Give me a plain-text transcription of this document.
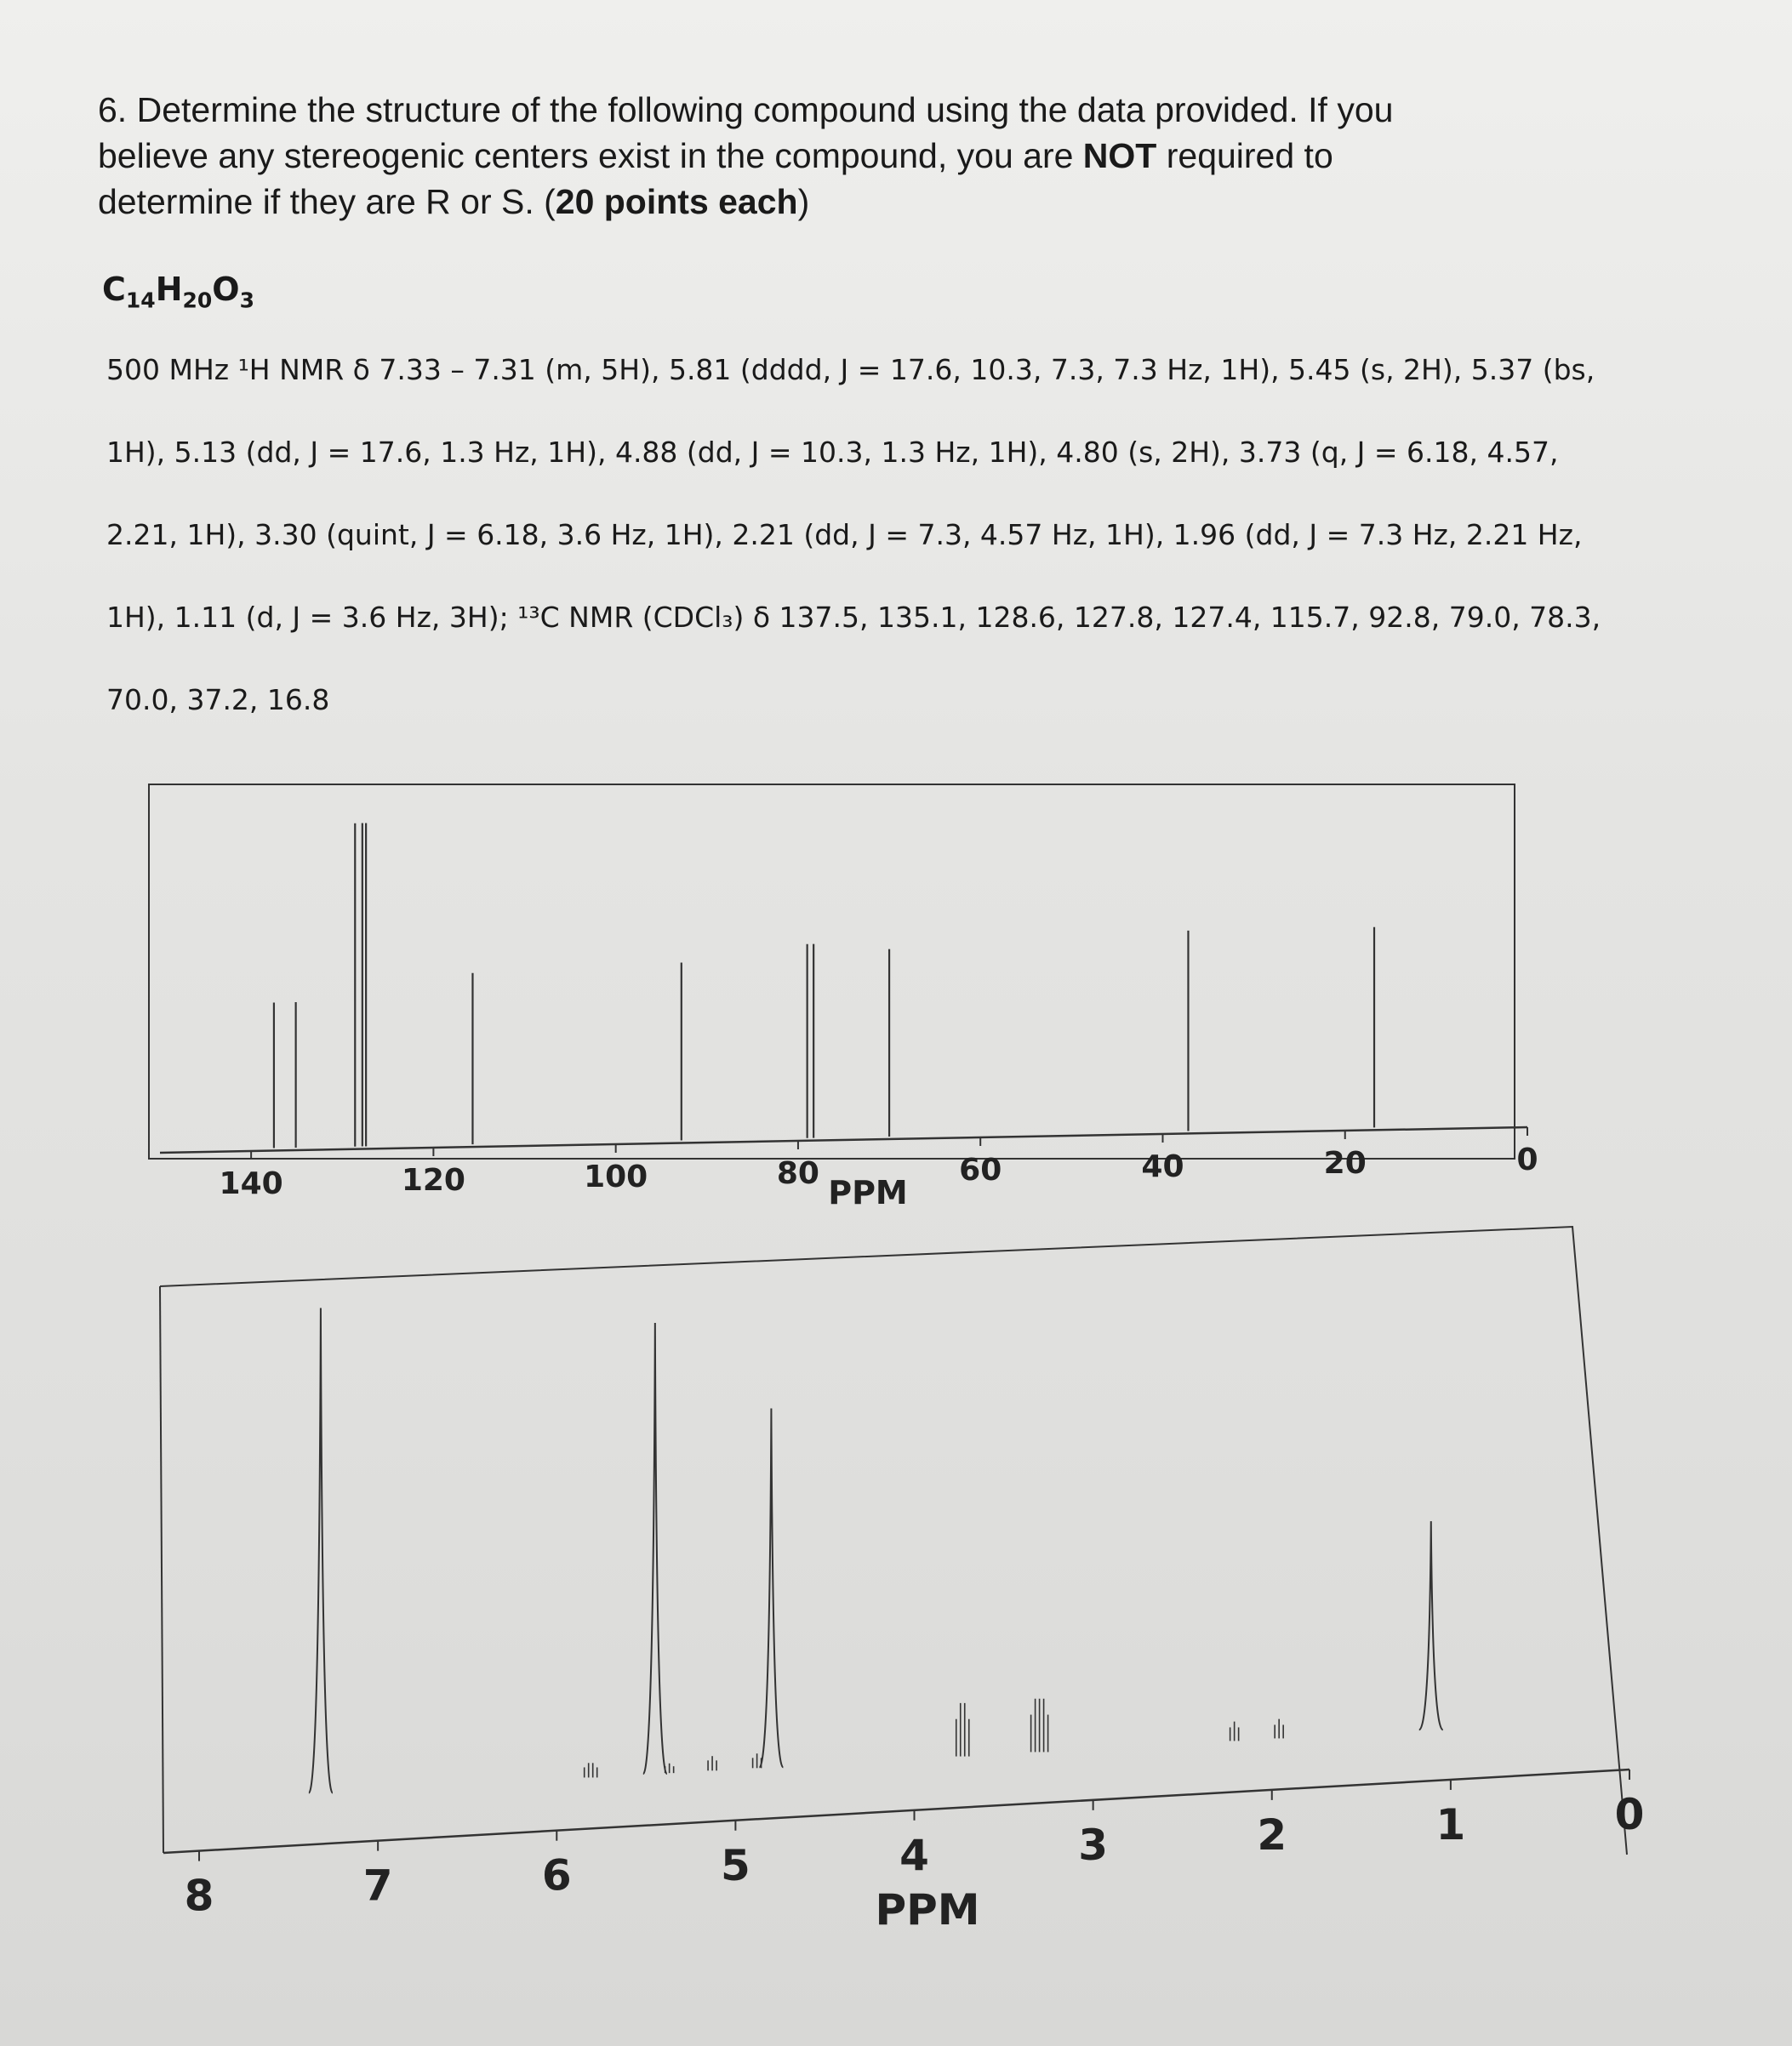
6. Determine the structure of the following compound using the data provided. If you
believe any stereogenic centers exist in the compound, you are NOT required to
determine if they are R or S. (20 points each)
$C_{14}H_{20}O_3$
500 MHz ¹H NMR δ 7.33 – 7.31 (m, 5H), 5.81 (dddd, J = 17.6, 10.3, 7.3, 7.3 Hz, 1H), 5.45 (s, 2H), 5.37 (bs,
1H), 5.13 (dd, J = 17.6, 1.3 Hz, 1H), 4.88 (dd, J = 10.3, 1.3 Hz, 1H), 4.80 (s, 2H), 3.73 (q, J = 6.18, 4.57,
2.21, 1H), 3.30 (quint, J = 6.18, 3.6 Hz, 1H), 2.21 (dd, J = 7.3, 4.57 Hz, 1H), 1.96 (dd, J = 7.3 Hz, 2.21 Hz,
1H), 1.11 (d, J = 3.6 Hz, 3H); ¹³C NMR (CDCl₃) δ 137.5, 135.1, 128.6, 127.8, 127.4, 115.7, 92.8, 79.0, 78.3,
70.0, 37.2, 16.8
140	120	100	80	60	40	20	0
PPM
8	7	6	5	4	3	2	1	0
PPM
